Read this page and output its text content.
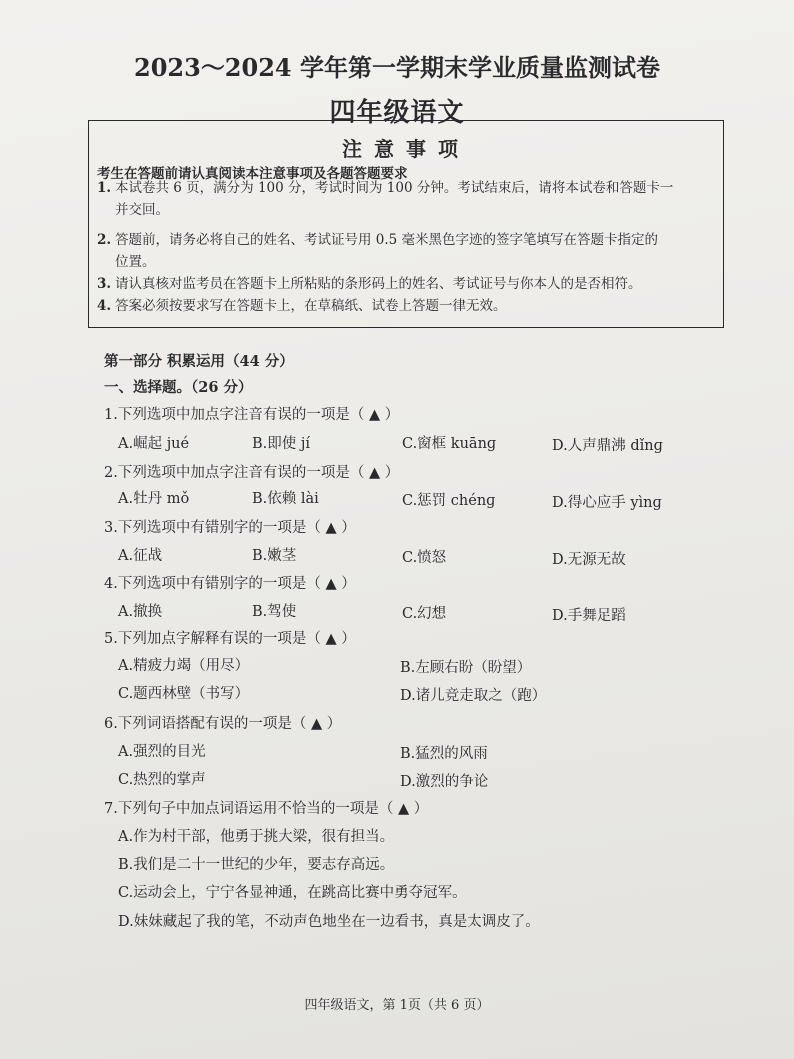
2023～2024 学年第一学期末学业质量监测试卷
四年级语文
注意事项
考生在答题前请认真阅读本注意事项及各题答题要求
1. 本试卷共 6 页，满分为 100 分，考试时间为 100 分钟。考试结束后，请将本试卷和答题卡一
并交回。
2. 答题前，请务必将自己的姓名、考试证号用 0.5 毫米黑色字迹的签字笔填写在答题卡指定的
位置。
3. 请认真核对监考员在答题卡上所粘贴的条形码上的姓名、考试证号与你本人的是否相符。
4. 答案必须按要求写在答题卡上，在草稿纸、试卷上答题一律无效。
第一部分 积累运用（44 分）
一、选择题。（26 分）
1.下列选项中加点字注音有误的一项是（ ▲ ）
A.崛起 jué	B.即使 jí	C.窗框 kuānɡ	D.人声鼎沸 dǐnɡ
2.下列选项中加点字注音有误的一项是（ ▲ ）
A.牡丹 mǒ	B.依赖 lài	C.惩罚 chénɡ	D.得心应手 yìnɡ
3.下列选项中有错别字的一项是（ ▲ ）
A.征战	B.嫩茎	C.愤怒	D.无源无故
4.下列选项中有错别字的一项是（ ▲ ）
A.撤换	B.驾使	C.幻想	D.手舞足蹈
5.下列加点字解释有误的一项是（ ▲ ）
A.精疲力竭（用尽）	B.左顾右盼（盼望）
C.题西林壁（书写）	D.诸儿竞走取之（跑）
6.下列词语搭配有误的一项是（ ▲ ）
A.强烈的目光	B.猛烈的风雨
C.热烈的掌声	D.激烈的争论
7.下列句子中加点词语运用不恰当的一项是（ ▲ ）
A.作为村干部，他勇于挑大梁，很有担当。
B.我们是二十一世纪的少年，要志存高远。
C.运动会上，宁宁各显神通，在跳高比赛中勇夺冠军。
D.妹妹藏起了我的笔，不动声色地坐在一边看书，真是太调皮了。
四年级语文，第 1页（共 6 页）
